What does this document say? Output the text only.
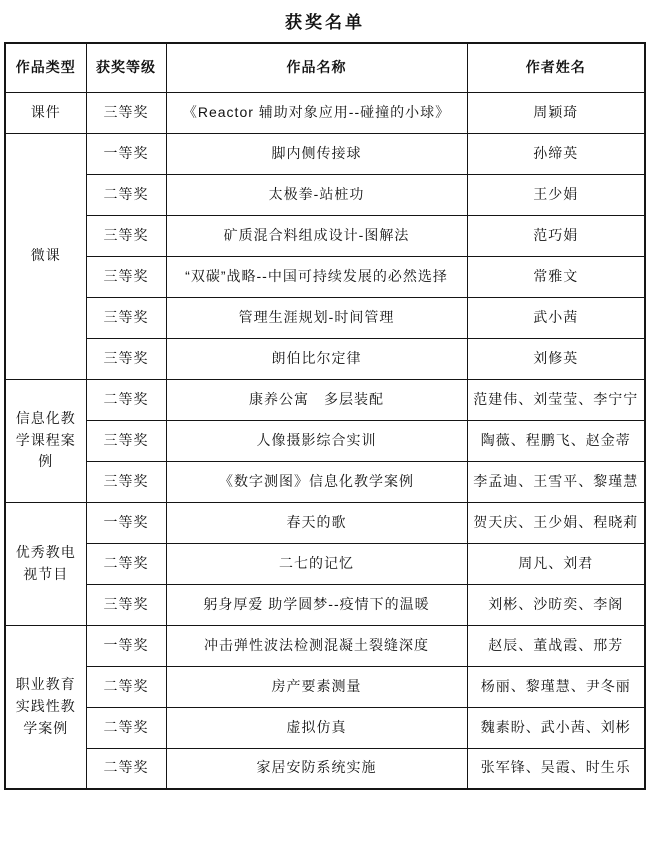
获奖名单
作品类型	获奖等级	作品名称	作者姓名
课件	三等奖	《Reactor 辅助对象应用--碰撞的小球》	周颖琦
微课	一等奖	脚内侧传接球	孙缔英
	二等奖	太极拳-站桩功	王少娟
	三等奖	矿质混合料组成设计-图解法	范巧娟
	三等奖	“双碳”战略--中国可持续发展的必然选择	常雅文
	三等奖	管理生涯规划-时间管理	武小茜
	三等奖	朗伯比尔定律	刘修英
信息化教学课程案例	二等奖	康养公寓　多层装配	范建伟、刘莹莹、李宁宁
	三等奖	人像摄影综合实训	陶薇、程鹏飞、赵金蒂
	三等奖	《数字测图》信息化教学案例	李孟迪、王雪平、黎瑾慧
优秀教电视节目	一等奖	春天的歌	贺天庆、王少娟、程晓莉
	二等奖	二七的记忆	周凡、刘君
	三等奖	躬身厚爱 助学圆梦--疫情下的温暖	刘彬、沙昉奕、李阁
职业教育实践性教学案例	一等奖	冲击弹性波法检测混凝土裂缝深度	赵辰、董战霞、邢芳
	二等奖	房产要素测量	杨丽、黎瑾慧、尹冬丽
	二等奖	虚拟仿真	魏素盼、武小茜、刘彬
	二等奖	家居安防系统实施	张军锋、吴霞、时生乐
